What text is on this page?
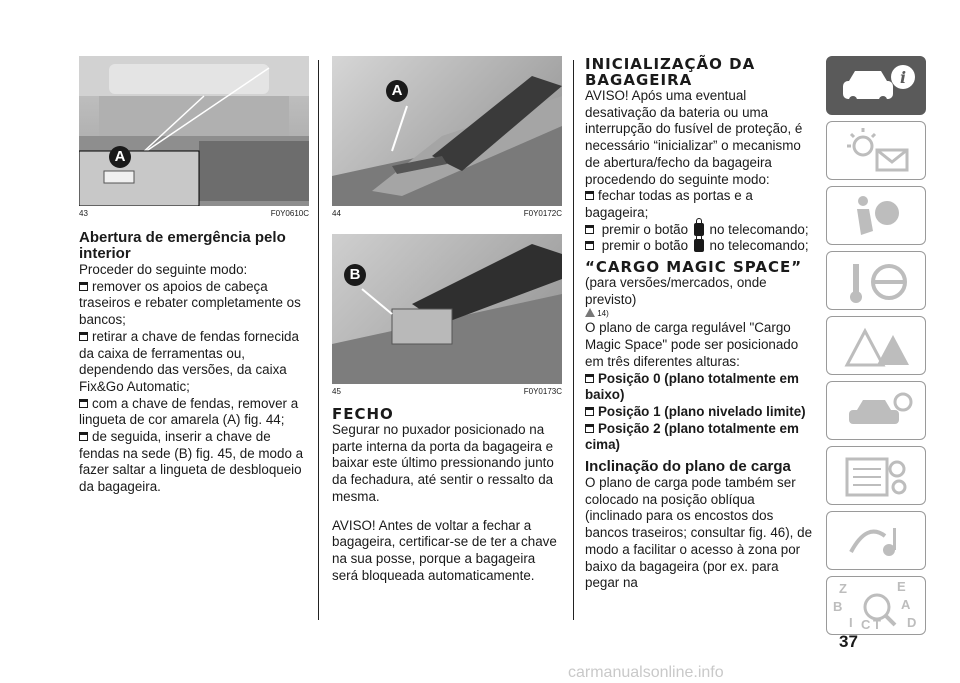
A
43	F0Y0610C

Abertura de emergência pelo interior

Proceder do seguinte modo:

remover os apoios de cabeça traseiros e rebater completamente os bancos;

retirar a chave de fendas fornecida da caixa de ferramentas ou, dependendo das versões, da caixa Fix&Go Automatic;

com a chave de fendas, remover a lingueta de cor amarela (A) fig. 44;

de seguida, inserir a chave de fendas na sede (B) fig. 45, de modo a fazer saltar a lingueta de desbloqueio da bagageira.

A
44	F0Y0172C
B
45	F0Y0173C

FECHO

Segurar no puxador posicionado na parte interna da porta da bagageira e baixar este último pressionando junto da fechadura, até sentir o ressalto da mesma.

AVISO! Antes de voltar a fechar a bagageira, certificar-se de ter a chave na sua posse, porque a bagageira será bloqueada automaticamente.

INICIALIZAÇÃO DA BAGAGEIRA

AVISO! Após uma eventual desativação da bateria ou uma interrupção do fusível de proteção, é necessário “inicializar” o mecanismo de abertura/fecho da bagageira procedendo do seguinte modo:

fechar todas as portas e a bagageira;

premir o botão no telecomando;

premir o botão no telecomando;

“CARGO MAGIC SPACE”

(para versões/mercados, onde previsto)

14)

O plano de carga regulável "Cargo Magic Space" pode ser posicionado em três diferentes alturas:

Posição 0 (plano totalmente em baixo)

Posição 1 (plano nivelado limite)

Posição 2 (plano totalmente em cima)

Inclinação do plano de carga

O plano de carga pode também ser colocado na posição oblíqua (inclinado para os encostos dos bancos traseiros; consultar fig. 46), de modo a facilitar o acesso à zona por baixo da bagageira (por ex. para pegar na

i
Z	E
B	A
I C T D
37
carmanualsonline.info
